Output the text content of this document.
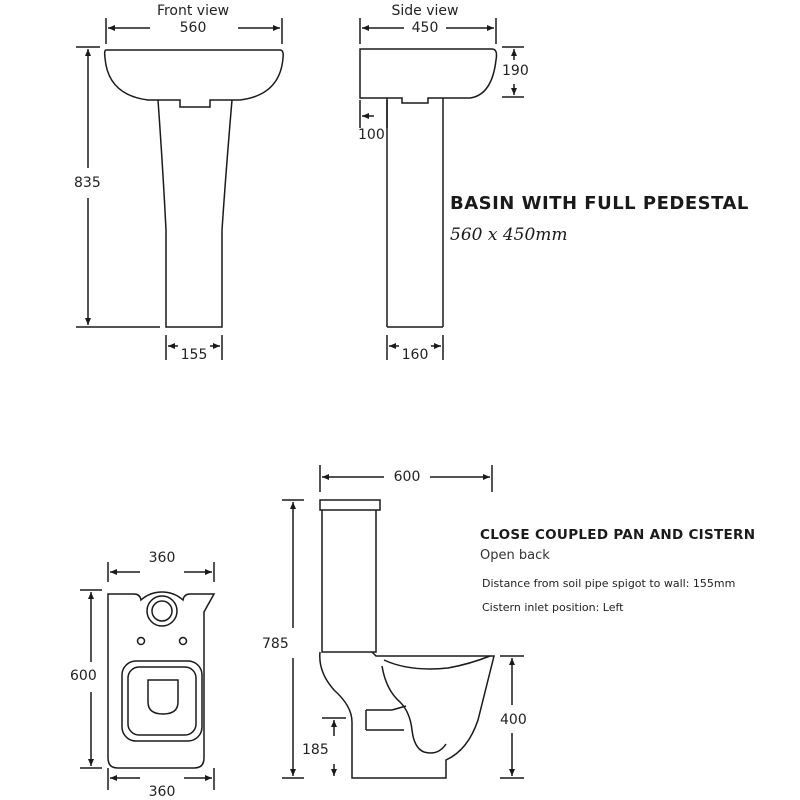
Front view
560
Side view
450
190
100
835
155	160
BASIN WITH FULL PEDESTAL
560 x 450mm
600
360
600
360
785
185
400
CLOSE COUPLED PAN AND CISTERN
Open back
Distance from soil pipe spigot to wall: 155mm
Cistern inlet position: Left
